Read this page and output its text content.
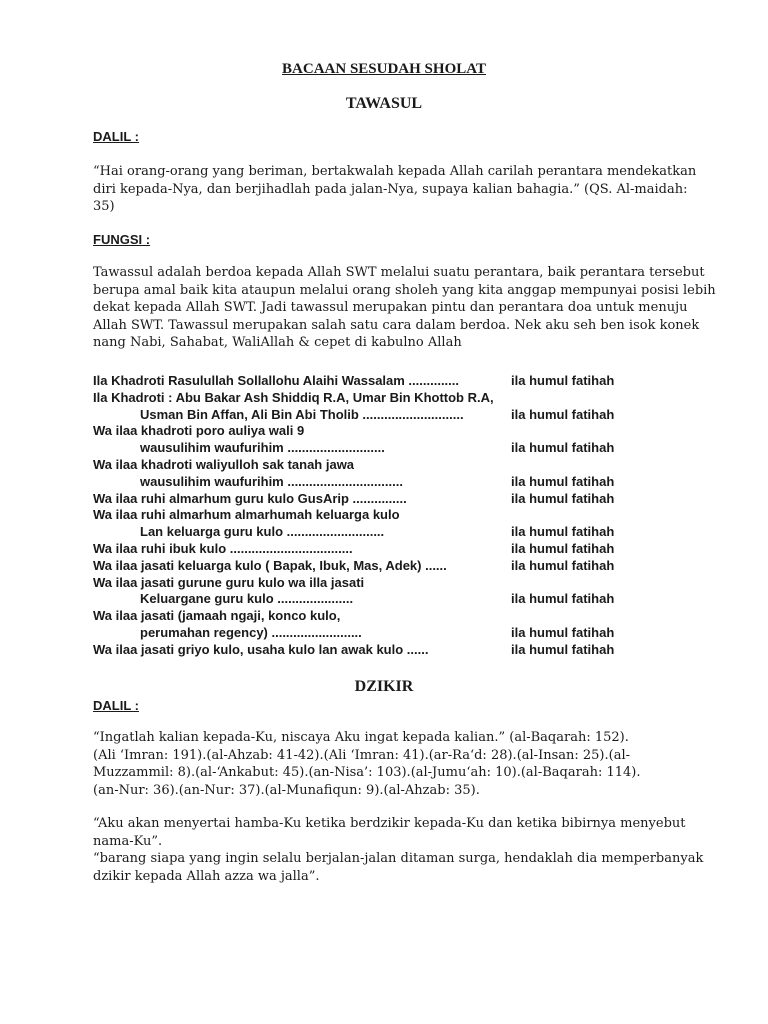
BACAAN SESUDAH SHOLAT
TAWASUL
DALIL :
“Hai orang-orang yang beriman, bertakwalah kepada Allah carilah perantara mendekatkan
diri kepada-Nya, dan berjihadlah pada jalan-Nya, supaya kalian bahagia.” (QS. Al-maidah:
35)
FUNGSI :
Tawassul adalah berdoa kepada Allah SWT melalui suatu perantara, baik perantara tersebut
berupa amal baik kita ataupun melalui orang sholeh yang kita anggap mempunyai posisi lebih
dekat kepada Allah SWT. Jadi tawassul merupakan pintu dan perantara doa untuk menuju
Allah SWT. Tawassul merupakan salah satu cara dalam berdoa. Nek aku seh ben isok konek
nang Nabi, Sahabat, WaliAllah & cepet di kabulno Allah
Ila Khadroti Rasulullah Sollallohu Alaihi Wassalam ..............	ila humul fatihah
Ila Khadroti : Abu Bakar Ash Shiddiq R.A, Umar Bin Khottob R.A,
Usman Bin Affan, Ali Bin Abi Tholib ............................	ila humul fatihah
Wa ilaa khadroti poro auliya wali 9
wausulihim waufurihim ...........................	ila humul fatihah
Wa ilaa khadroti waliyulloh sak tanah jawa
wausulihim waufurihim ................................	ila humul fatihah
Wa ilaa ruhi almarhum guru kulo GusArip ...............	ila humul fatihah
Wa ilaa ruhi almarhum almarhumah keluarga kulo
Lan keluarga guru kulo ...........................	ila humul fatihah
Wa ilaa ruhi ibuk kulo ..................................	ila humul fatihah
Wa ilaa jasati keluarga kulo ( Bapak, Ibuk, Mas, Adek) ......	ila humul fatihah
Wa ilaa jasati gurune guru kulo wa illa jasati
Keluargane guru kulo .....................	ila humul fatihah
Wa ilaa jasati (jamaah ngaji, konco kulo,
perumahan regency) .........................	ila humul fatihah
Wa ilaa jasati griyo kulo, usaha kulo lan awak kulo ......	ila humul fatihah
DZIKIR
DALIL :
“Ingatlah kalian kepada-Ku, niscaya Aku ingat kepada kalian.” (al-Baqarah: 152).
(Ali ‘Imran: 191).(al-Ahzab: 41-42).(Ali ‘Imran: 41).(ar-Ra‘d: 28).(al-Insan: 25).(al-
Muzzammil: 8).(al-‘Ankabut: 45).(an-Nisa’: 103).(al-Jumu‘ah: 10).(al-Baqarah: 114).
(an-Nur: 36).(an-Nur: 37).(al-Munafiqun: 9).(al-Ahzab: 35).
“Aku akan menyertai hamba-Ku ketika berdzikir kepada-Ku dan ketika bibirnya menyebut
nama-Ku”.
“barang siapa yang ingin selalu berjalan-jalan ditaman surga, hendaklah dia memperbanyak
dzikir kepada Allah azza wa jalla”.
